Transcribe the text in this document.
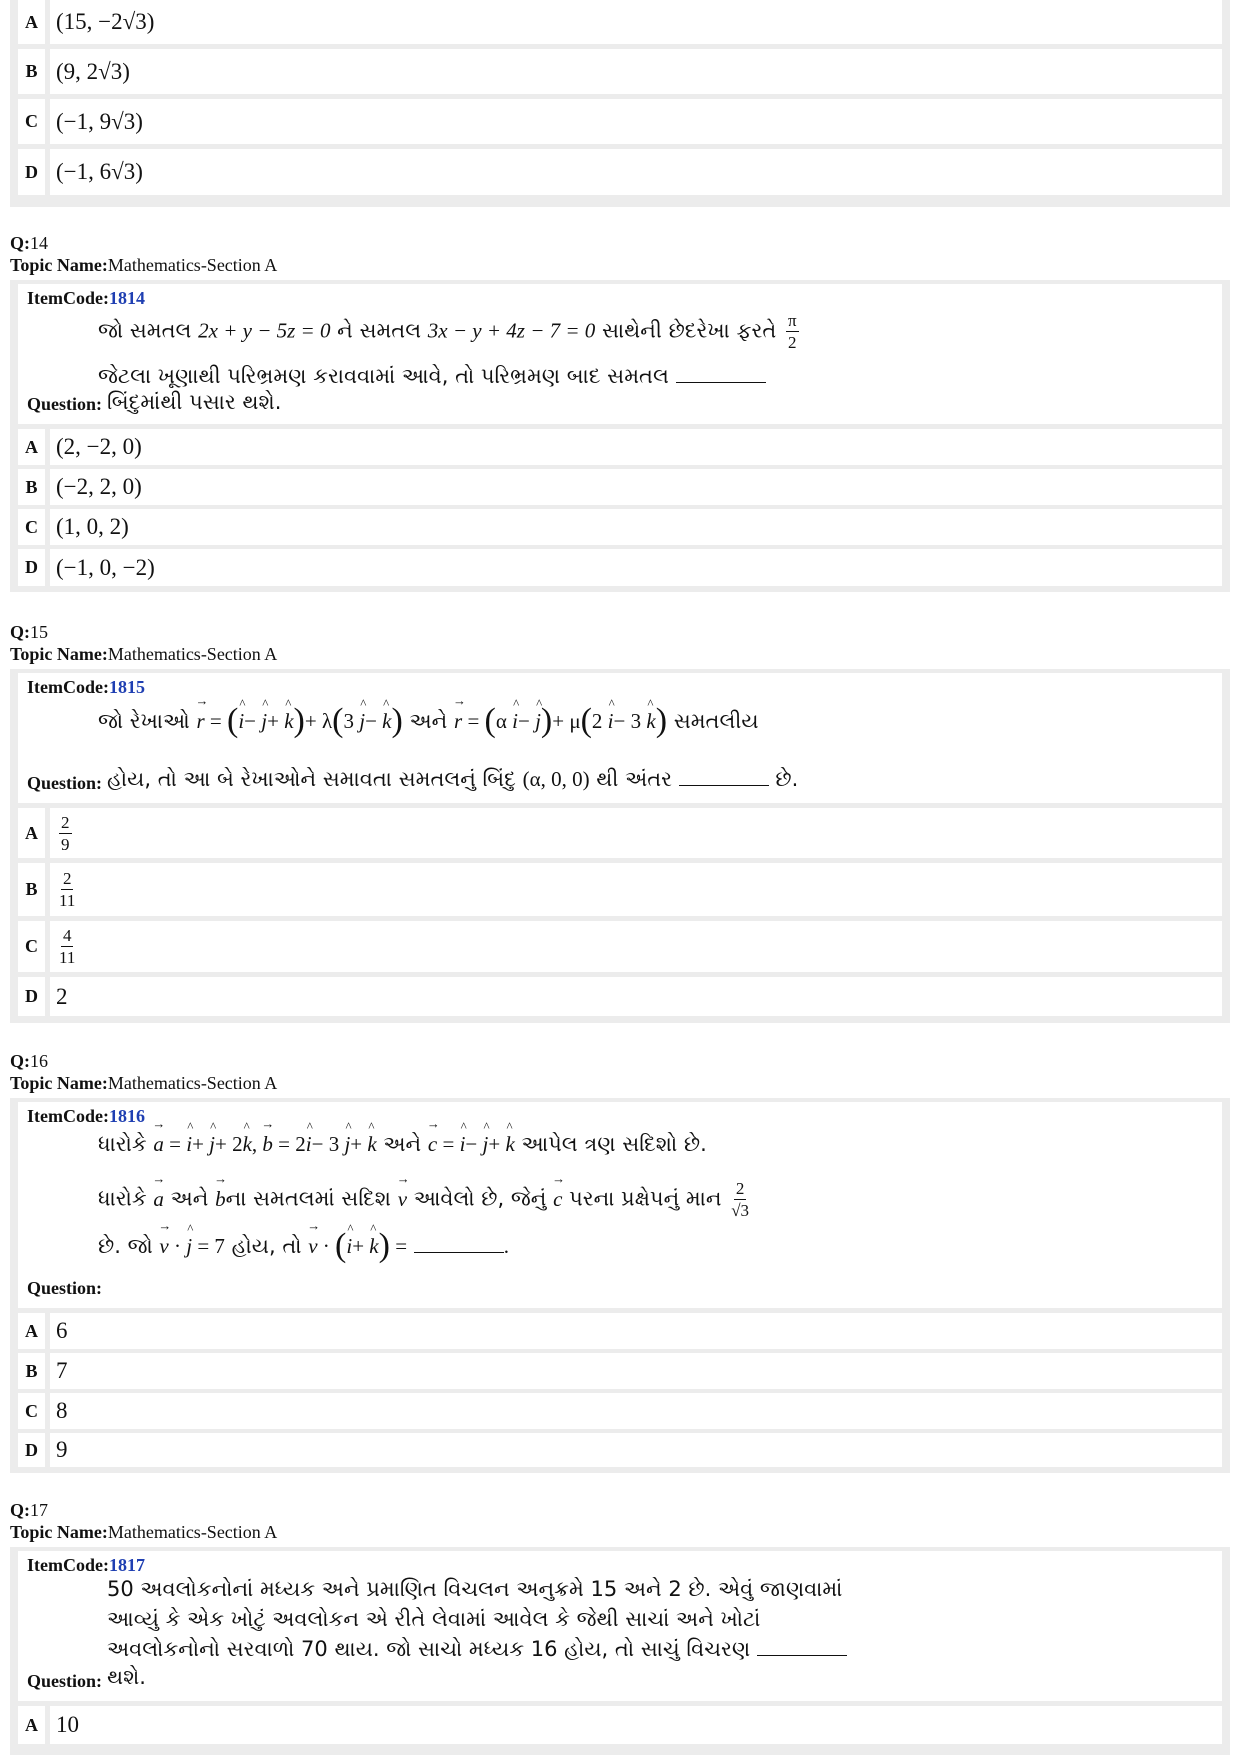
A (15, −2√3)
B (9, 2√3)
C (−1, 9√3)
D (−1, 6√3)
Q:14
Topic Name:Mathematics-Section A
ItemCode:1814
જો સમતલ 2x + y − 5z = 0 ને સમતલ 3x − y + 4z − 7 = 0 સાથેની છેદરેખા ફરતે $\frac{\pi}{2}$
જેટલા ખૂણાથી પરિભ્રમણ કરાવવામાં આવે, તો પરિભ્રમણ બાદ સમતલ
Question: બિંદુમાંથી પસાર થશે.
A (2, −2, 0)
B (−2, 2, 0)
C (1, 0, 2)
D (−1, 0, −2)
Q:15
Topic Name:Mathematics-Section A
ItemCode:1815
જો રેખાઓ → r = (^ i− ^ j+ ^ k)+ λ(3 ^ j− ^ k) અને → r = (α ^ i− ^ j)+ μ(2 ^ i− 3 ^ k) સમતલીય
Question: હોય, તો આ બે રેખાઓને સમાવતા સમતલનું બિંદુ (α, 0, 0) થી અંતર	છે.
A	$\frac{2}{9}$
B	$\frac{2}{11}$
C	$\frac{4}{11}$
D 2
Q:16
Topic Name:Mathematics-Section A
ItemCode:1816
ધારોકે → a = ^ i+ ^ j+ 2^ k, → b = 2^ i− 3 ^ j+ ^ k અને → c = ^ i− ^ j+ ^ k આપેલ ત્રણ સદિશો છે.
ધારોકે → a અને → bના સમતલમાં સદિશ → v આવેલો છે, જેનું → c પરના પ્રક્ષેપનું માન $\frac{2}{√3}$
છે. જો → v · ^ j = 7 હોય, તો → v · (^ i+ ^ k) =	.
Question:
A 6
B 7
C 8
D 9
Q:17
Topic Name:Mathematics-Section A
ItemCode:1817
50 અવલોકનોનાં મધ્યક અને પ્રમાણિત વિચલન અનુક્રમે 15 અને 2 છે. એવું જાણવામાં
આવ્યું કે એક ખોટું અવલોકન એ રીતે લેવામાં આવેલ કે જેથી સાચાં અને ખોટાં
અવલોકનોનો સરવાળો 70 થાય. જો સાચો મધ્યક 16 હોય, તો સાચું વિચરણ
Question: થશે.
A 10
